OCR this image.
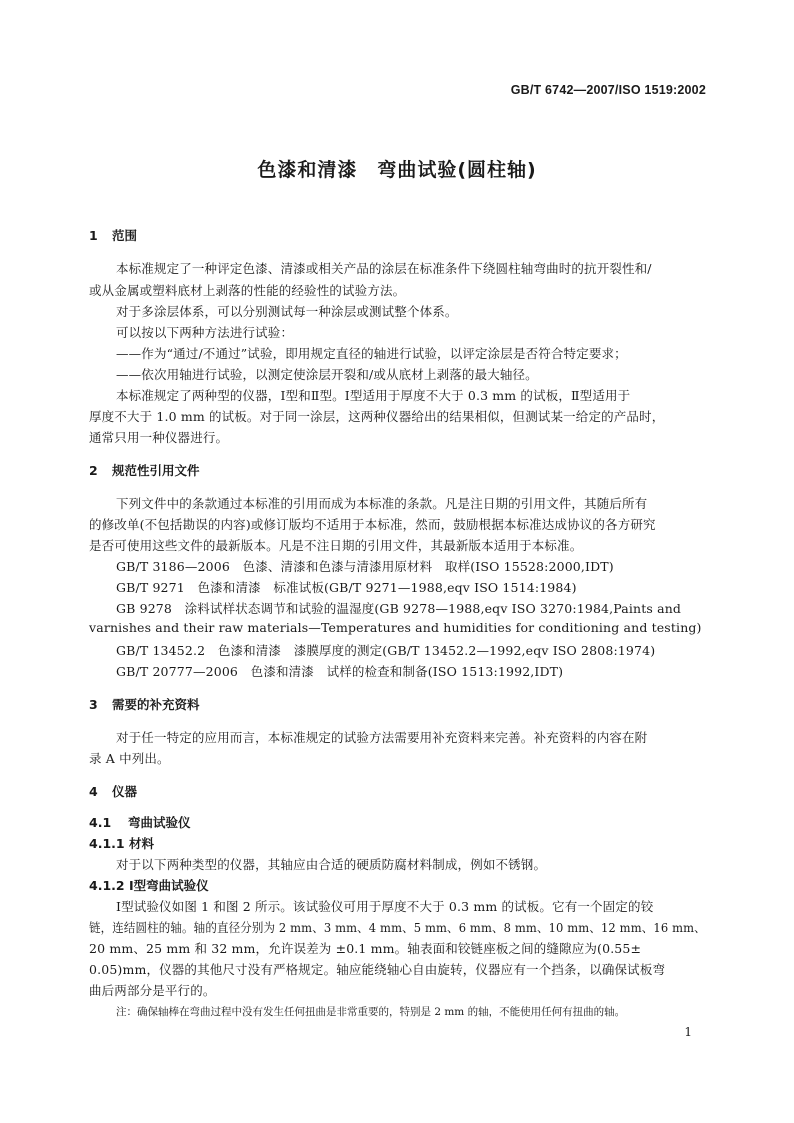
GB/T 6742—2007/ISO 1519:2002
色漆和清漆　弯曲试验(圆柱轴)
1 范围
本标准规定了一种评定色漆、清漆或相关产品的涂层在标准条件下绕圆柱轴弯曲时的抗开裂性和/
或从金属或塑料底材上剥落的性能的经验性的试验方法。
对于多涂层体系，可以分别测试每一种涂层或测试整个体系。
可以按以下两种方法进行试验：
——作为“通过/不通过”试验，即用规定直径的轴进行试验，以评定涂层是否符合特定要求；
——依次用轴进行试验，以测定使涂层开裂和/或从底材上剥落的最大轴径。
本标准规定了两种型的仪器，Ⅰ型和Ⅱ型。Ⅰ型适用于厚度不大于 0.3 mm 的试板，Ⅱ型适用于
厚度不大于 1.0 mm 的试板。对于同一涂层，这两种仪器给出的结果相似，但测试某一给定的产品时，
通常只用一种仪器进行。
2 规范性引用文件
下列文件中的条款通过本标准的引用而成为本标准的条款。凡是注日期的引用文件，其随后所有
的修改单(不包括勘误的内容)或修订版均不适用于本标准，然而，鼓励根据本标准达成协议的各方研究
是否可使用这些文件的最新版本。凡是不注日期的引用文件，其最新版本适用于本标准。
GB/T 3186—2006　色漆、清漆和色漆与清漆用原材料　取样(ISO 15528:2000,IDT)
GB/T 9271　色漆和清漆　标准试板(GB/T 9271—1988,eqv ISO 1514:1984)
GB 9278　涂料试样状态调节和试验的温湿度(GB 9278—1988,eqv ISO 3270:1984,Paints and
varnishes and their raw materials—Temperatures and humidities for conditioning and testing)
GB/T 13452.2　色漆和清漆　漆膜厚度的测定(GB/T 13452.2—1992,eqv ISO 2808:1974)
GB/T 20777—2006　色漆和清漆　试样的检查和制备(ISO 1513:1992,IDT)
3 需要的补充资料
对于任一特定的应用而言，本标准规定的试验方法需要用补充资料来完善。补充资料的内容在附
录 A 中列出。
4 仪器
4.1 弯曲试验仪
4.1.1 材料
对于以下两种类型的仪器，其轴应由合适的硬质防腐材料制成，例如不锈钢。
4.1.2 Ⅰ型弯曲试验仪
Ⅰ型试验仪如图 1 和图 2 所示。该试验仪可用于厚度不大于 0.3 mm 的试板。它有一个固定的铰
链，连结圆柱的轴。轴的直径分别为 2 mm、3 mm、4 mm、5 mm、6 mm、8 mm、10 mm、12 mm、16 mm、
20 mm、25 mm 和 32 mm，允许误差为 ±0.1 mm。轴表面和铰链座板之间的缝隙应为(0.55±
0.05)mm，仪器的其他尺寸没有严格规定。轴应能绕轴心自由旋转，仪器应有一个挡条，以确保试板弯
曲后两部分是平行的。
注：确保轴棒在弯曲过程中没有发生任何扭曲是非常重要的，特别是 2 mm 的轴，不能使用任何有扭曲的轴。
1
